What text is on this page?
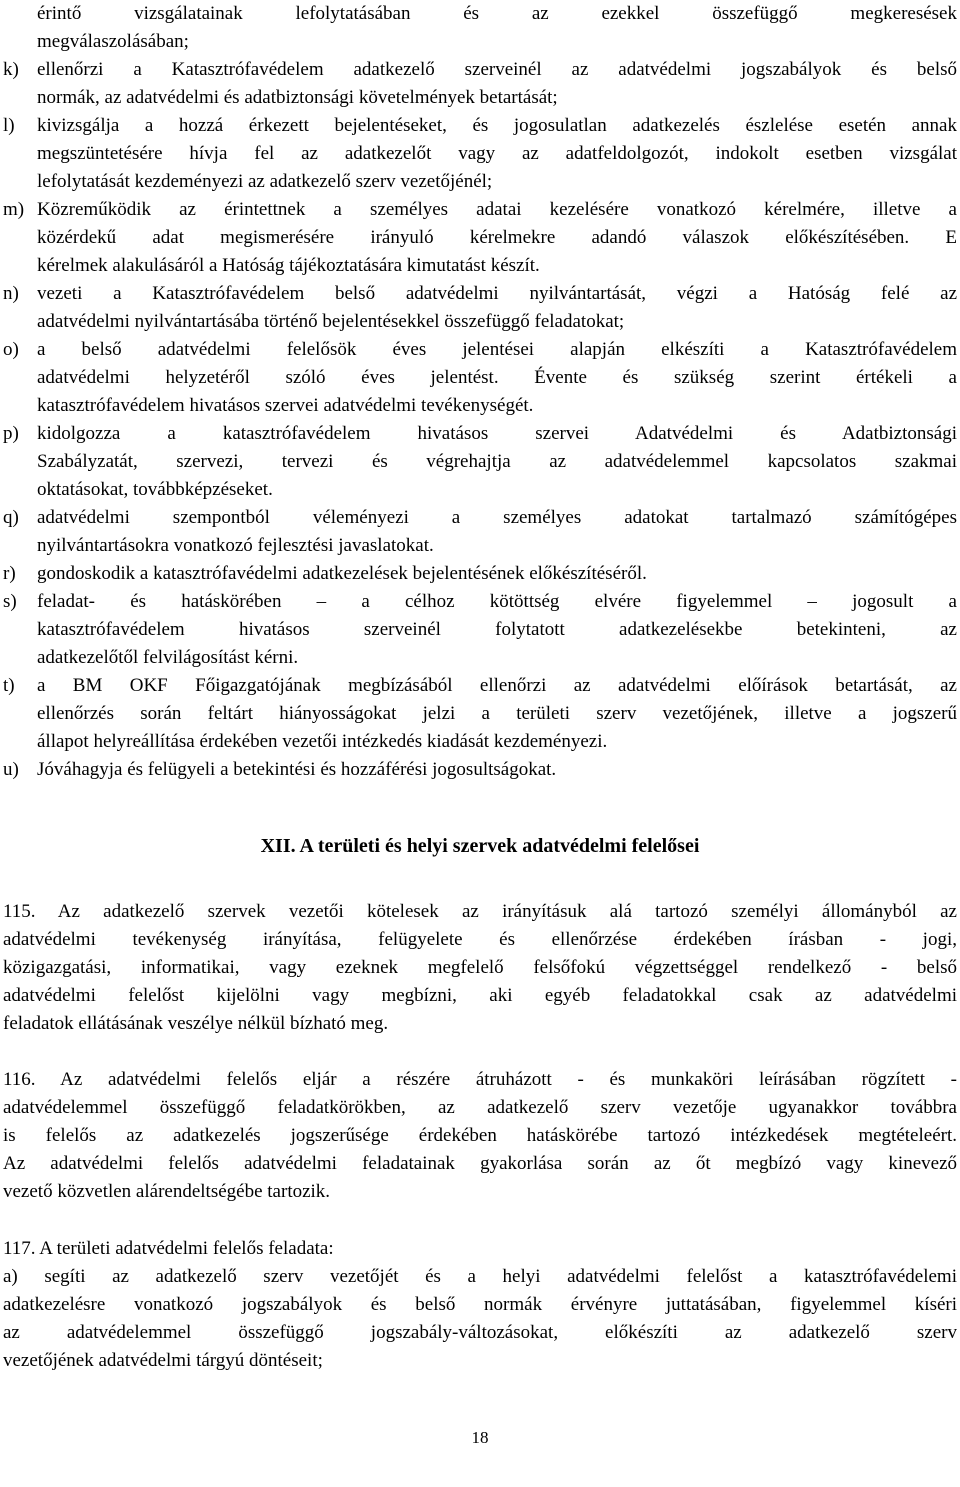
érintő vizsgálatainak lefolytatásában és az ezekkel összefüggő megkeresések
megválaszolásában;
k) ellenőrzi a Katasztrófavédelem adatkezelő szerveinél az adatvédelmi jogszabályok és belső
normák, az adatvédelmi és adatbiztonsági követelmények betartását;
l)	kivizsgálja a hozzá érkezett bejelentéseket, és jogosulatlan adatkezelés észlelése esetén annak
megszüntetésére hívja fel az adatkezelőt vagy az adatfeldolgozót, indokolt esetben vizsgálat
lefolytatását kezdeményezi az adatkezelő szerv vezetőjénél;
m) Közreműködik az érintettnek a személyes adatai kezelésére vonatkozó kérelmére, illetve a
közérdekű adat megismerésére irányuló kérelmekre adandó válaszok előkészítésében. E
kérelmek alakulásáról a Hatóság tájékoztatására kimutatást készít.
n) vezeti a Katasztrófavédelem belső adatvédelmi nyilvántartását, végzi a Hatóság felé az
adatvédelmi nyilvántartásába történő bejelentésekkel összefüggő feladatokat;
o) a belső adatvédelmi felelősök éves jelentései alapján elkészíti a Katasztrófavédelem
adatvédelmi helyzetéről szóló éves jelentést. Évente és szükség szerint értékeli a
katasztrófavédelem hivatásos szervei adatvédelmi tevékenységét.
p) kidolgozza a katasztrófavédelem hivatásos szervei Adatvédelmi és Adatbiztonsági
Szabályzatát, szervezi, tervezi és végrehajtja az adatvédelemmel kapcsolatos szakmai
oktatásokat, továbbképzéseket.
q) adatvédelmi szempontból véleményezi a személyes adatokat tartalmazó számítógépes
nyilvántartásokra vonatkozó fejlesztési javaslatokat.
r)	gondoskodik a katasztrófavédelmi adatkezelések bejelentésének előkészítéséről.
s)	feladat- és hatáskörében – a célhoz kötöttség elvére figyelemmel – jogosult a
katasztrófavédelem hivatásos szerveinél folytatott adatkezelésekbe betekinteni, az
adatkezelőtől felvilágosítást kérni.
t)	a BM OKF Főigazgatójának megbízásából ellenőrzi az adatvédelmi előírások betartását, az
ellenőrzés során feltárt hiányosságokat jelzi a területi szerv vezetőjének, illetve a jogszerű
állapot helyreállítása érdekében vezetői intézkedés kiadását kezdeményezi.
u) Jóváhagyja és felügyeli a betekintési és hozzáférési jogosultságokat.
XII. A területi és helyi szervek adatvédelmi felelősei
115. Az adatkezelő szervek vezetői kötelesek az irányításuk alá tartozó személyi állományból az
adatvédelmi tevékenység irányítása, felügyelete és ellenőrzése érdekében írásban - jogi,
közigazgatási, informatikai, vagy ezeknek megfelelő felsőfokú végzettséggel rendelkező - belső
adatvédelmi felelőst kijelölni vagy megbízni, aki egyéb feladatokkal csak az adatvédelmi
feladatok ellátásának veszélye nélkül bízható meg.
116. Az adatvédelmi felelős eljár a részére átruházott - és munkaköri leírásában rögzített -
adatvédelemmel összefüggő feladatkörökben, az adatkezelő szerv vezetője ugyanakkor továbbra
is felelős az adatkezelés jogszerűsége érdekében hatáskörébe tartozó intézkedések megtételeért.
Az adatvédelmi felelős adatvédelmi feladatainak gyakorlása során az őt megbízó vagy kinevező
vezető közvetlen alárendeltségébe tartozik.
117. A területi adatvédelmi felelős feladata:
a) segíti az adatkezelő szerv vezetőjét és a helyi adatvédelmi felelőst a katasztrófavédelemi
adatkezelésre vonatkozó jogszabályok és belső normák érvényre juttatásában, figyelemmel kíséri
az adatvédelemmel összefüggő jogszabály-változásokat, előkészíti az adatkezelő szerv
vezetőjének adatvédelmi tárgyú döntéseit;
18
